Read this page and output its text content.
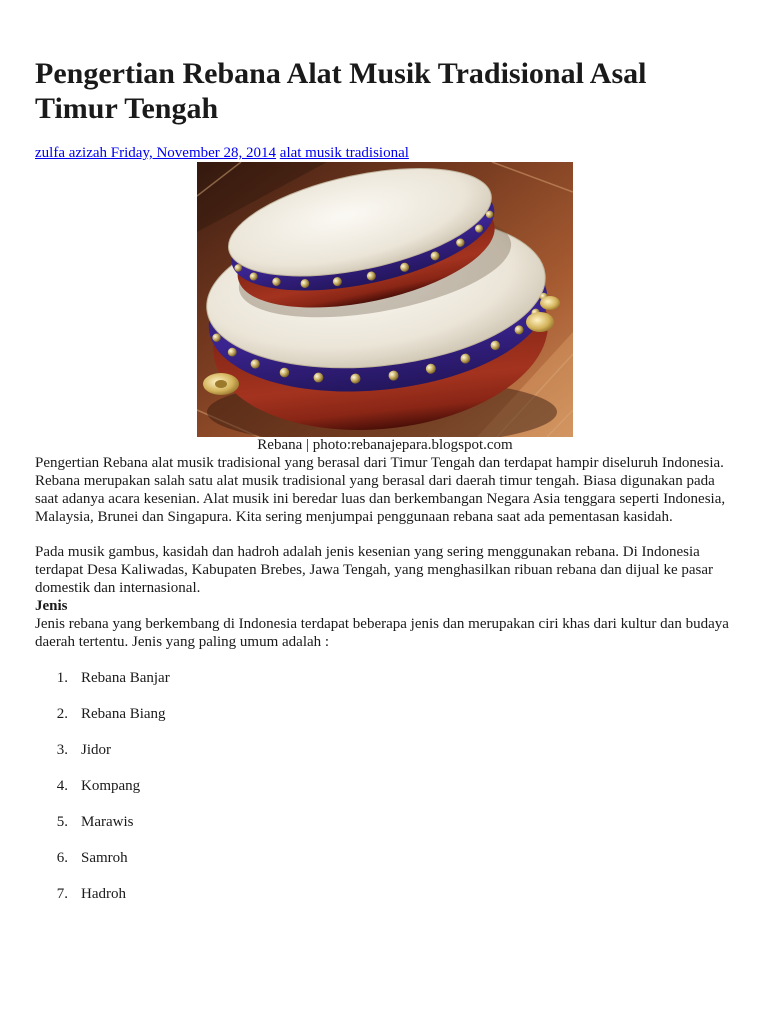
Pengertian Rebana Alat Musik Tradisional Asal Timur Tengah
zulfa azizah Friday, November 28, 2014 alat musik tradisional
Rebana | photo:rebanajepara.blogspot.com

Pengertian Rebana alat musik tradisional yang berasal dari Timur Tengah dan terdapat hampir diseluruh Indonesia. Rebana merupakan salah satu alat musik tradisional yang berasal dari daerah timur tengah. Biasa digunakan pada saat adanya acara kesenian. Alat musik ini beredar luas dan berkembangan Negara Asia tenggara seperti Indonesia, Malaysia, Brunei dan Singapura. Kita sering menjumpai penggunaan rebana saat ada pementasan kasidah.

Pada musik gambus, kasidah dan hadroh adalah jenis kesenian yang sering menggunakan rebana. Di Indonesia terdapat Desa Kaliwadas, Kabupaten Brebes, Jawa Tengah, yang menghasilkan ribuan rebana dan dijual ke pasar domestik dan internasional.

Jenis

Jenis rebana yang berkembang di Indonesia terdapat beberapa jenis dan merupakan ciri khas dari kultur dan budaya daerah tertentu. Jenis yang paling umum adalah :

1. Rebana Banjar
2. Rebana Biang
3. Jidor
4. Kompang
5. Marawis
6. Samroh
7. Hadroh
